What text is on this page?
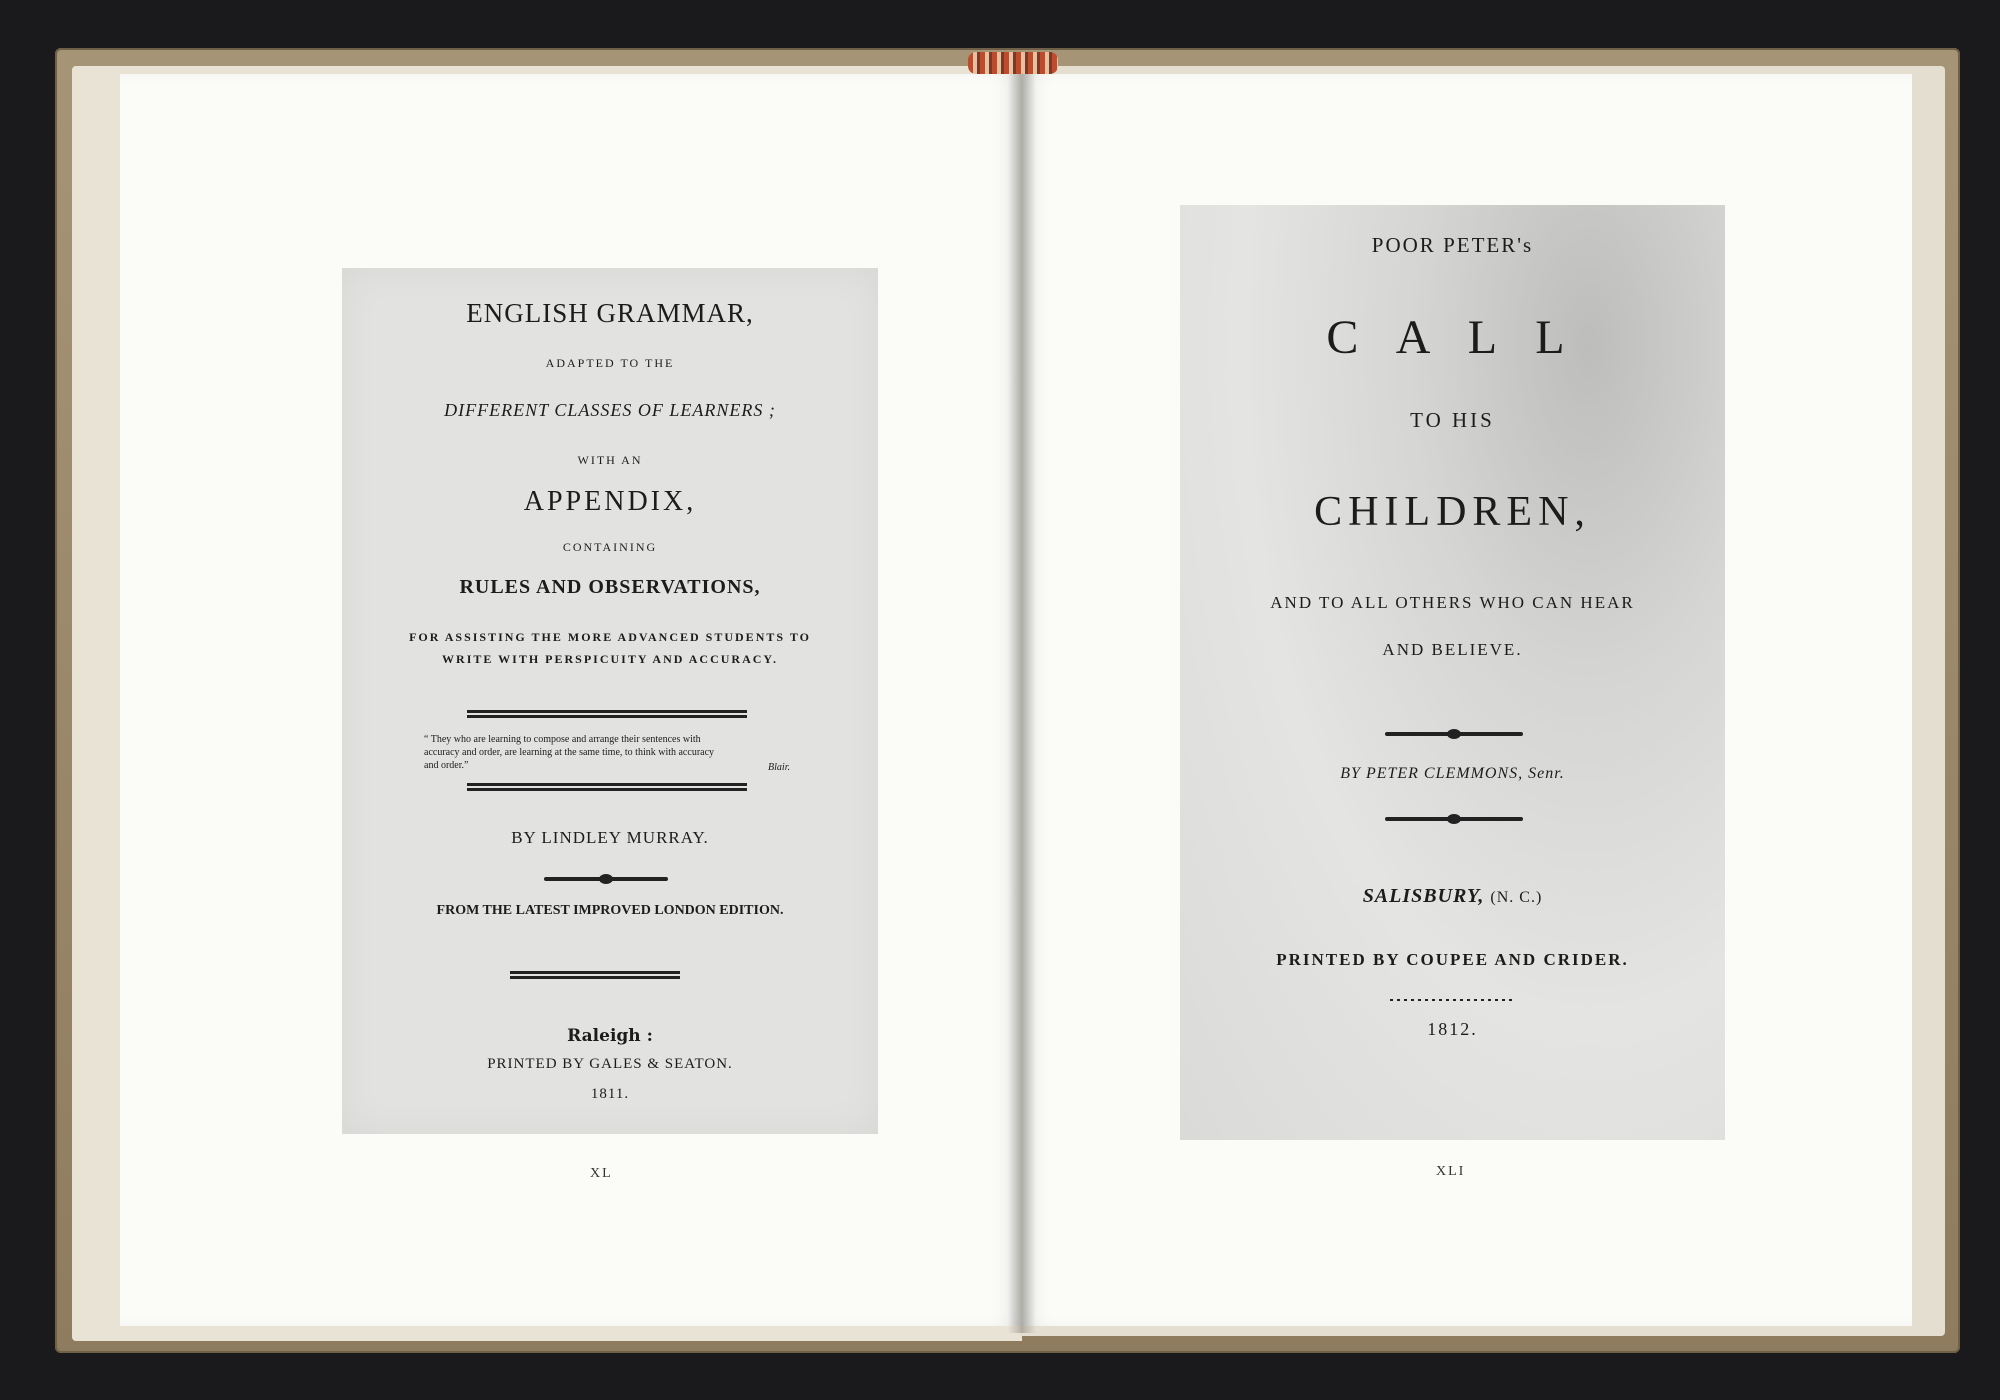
ENGLISH GRAMMAR,
ADAPTED TO THE
DIFFERENT CLASSES OF LEARNERS ;
WITH AN
APPENDIX,
CONTAINING
RULES AND OBSERVATIONS,
FOR ASSISTING THE MORE ADVANCED STUDENTS TO
WRITE WITH PERSPICUITY AND ACCURACY.
“ They who are learning to compose and arrange their sentences with
accuracy and order, are learning at the same time, to think with accuracy
and order.”	Blair.
BY LINDLEY MURRAY.
FROM THE LATEST IMPROVED LONDON EDITION.
Raleigh :
PRINTED BY GALES & SEATON.
1811.
XL
POOR PETER's
C A L L
TO HIS
CHILDREN,
AND TO ALL OTHERS WHO CAN HEAR
AND BELIEVE.
BY PETER CLEMMONS, Senr.
SALISBURY, (N. C.)
PRINTED BY COUPEE AND CRIDER.
1812.
XLI
